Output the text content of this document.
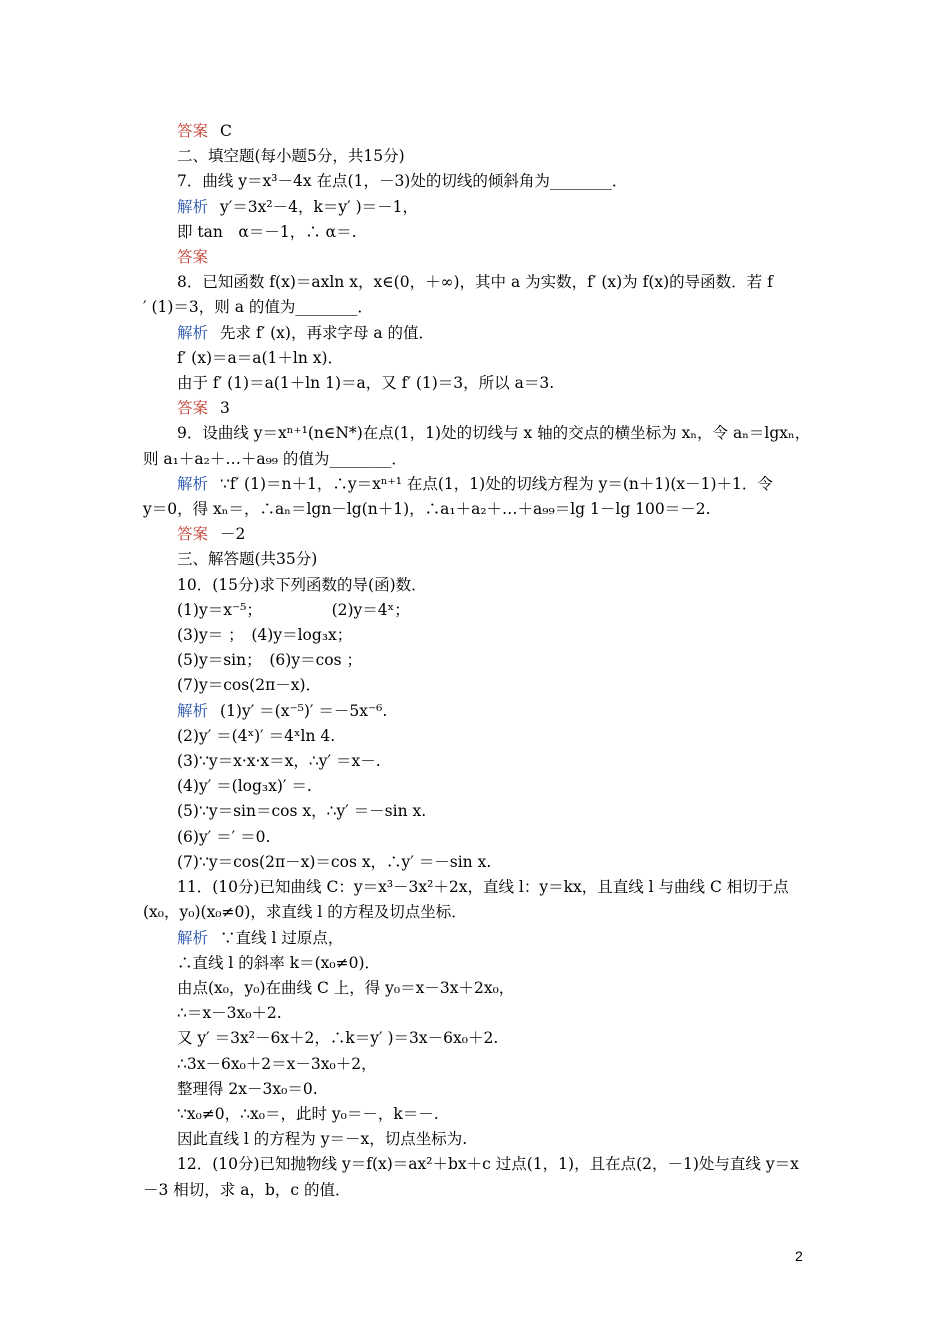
答案 C
二、填空题(每小题5分，共15分)
7．曲线 y＝x³－4x 在点(1，－3)处的切线的倾斜角为________．
解析 y′＝3x²－4，k＝y′ )＝－1，
即 tan　α＝－1，∴ α＝.
答案
8．已知函数 f(x)＝axln x，x∈(0，＋∞)，其中 a 为实数，f′ (x)为 f(x)的导函数．若 f
′ (1)＝3，则 a 的值为________．
解析 先求 f′ (x)，再求字母 a 的值．
f′ (x)＝a＝a(1＋ln x)．
由于 f′ (1)＝a(1＋ln 1)＝a，又 f′ (1)＝3，所以 a＝3.
答案 3
9．设曲线 y＝xⁿ⁺¹(n∈N*)在点(1，1)处的切线与 x 轴的交点的横坐标为 xₙ，令 aₙ＝lgxₙ，
则 a₁＋a₂＋…＋a₉₉ 的值为________．
解析 ∵f′ (1)＝n＋1，∴y＝xⁿ⁺¹ 在点(1，1)处的切线方程为 y＝(n＋1)(x－1)＋1．令
y＝0，得 xₙ＝，∴aₙ＝lgn－lg(n＋1)，∴a₁＋a₂＋…＋a₉₉＝lg 1－lg 100＝－2.
答案 －2
三、解答题(共35分)
10．(15分)求下列函数的导(函)数．
(1)y＝x⁻⁵；　　　　　(2)y＝4ˣ；
(3)y＝ ；　(4)y＝log₃x；
(5)y＝sin；　(6)y＝cos ；
(7)y＝cos(2π－x)．
解析 (1)y′ ＝(x⁻⁵)′ ＝－5x⁻⁶.
(2)y′ ＝(4ˣ)′ ＝4ˣln 4.
(3)∵y＝x·x·x＝x，∴y′ ＝x－.
(4)y′ ＝(log₃x)′ ＝.
(5)∵y＝sin＝cos x，∴y′ ＝－sin x.
(6)y′ ＝′ ＝0.
(7)∵y＝cos(2π－x)＝cos x，∴y′ ＝－sin x.
11．(10分)已知曲线 C：y＝x³－3x²＋2x，直线 l：y＝kx，且直线 l 与曲线 C 相切于点
(x₀，y₀)(x₀≠0)，求直线 l 的方程及切点坐标．
解析 ∵直线 l 过原点，
∴直线 l 的斜率 k＝(x₀≠0)．
由点(x₀，y₀)在曲线 C 上，得 y₀＝x－3x＋2x₀，
∴＝x－3x₀＋2.
又 y′ ＝3x²－6x＋2，∴k＝y′ )＝3x－6x₀＋2.
∴3x－6x₀＋2＝x－3x₀＋2，
整理得 2x－3x₀＝0.
∵x₀≠0，∴x₀＝，此时 y₀＝－，k＝－.
因此直线 l 的方程为 y＝－x，切点坐标为.
12．(10分)已知抛物线 y＝f(x)＝ax²＋bx＋c 过点(1，1)，且在点(2，－1)处与直线 y＝x
－3 相切，求 a，b，c 的值．
2
